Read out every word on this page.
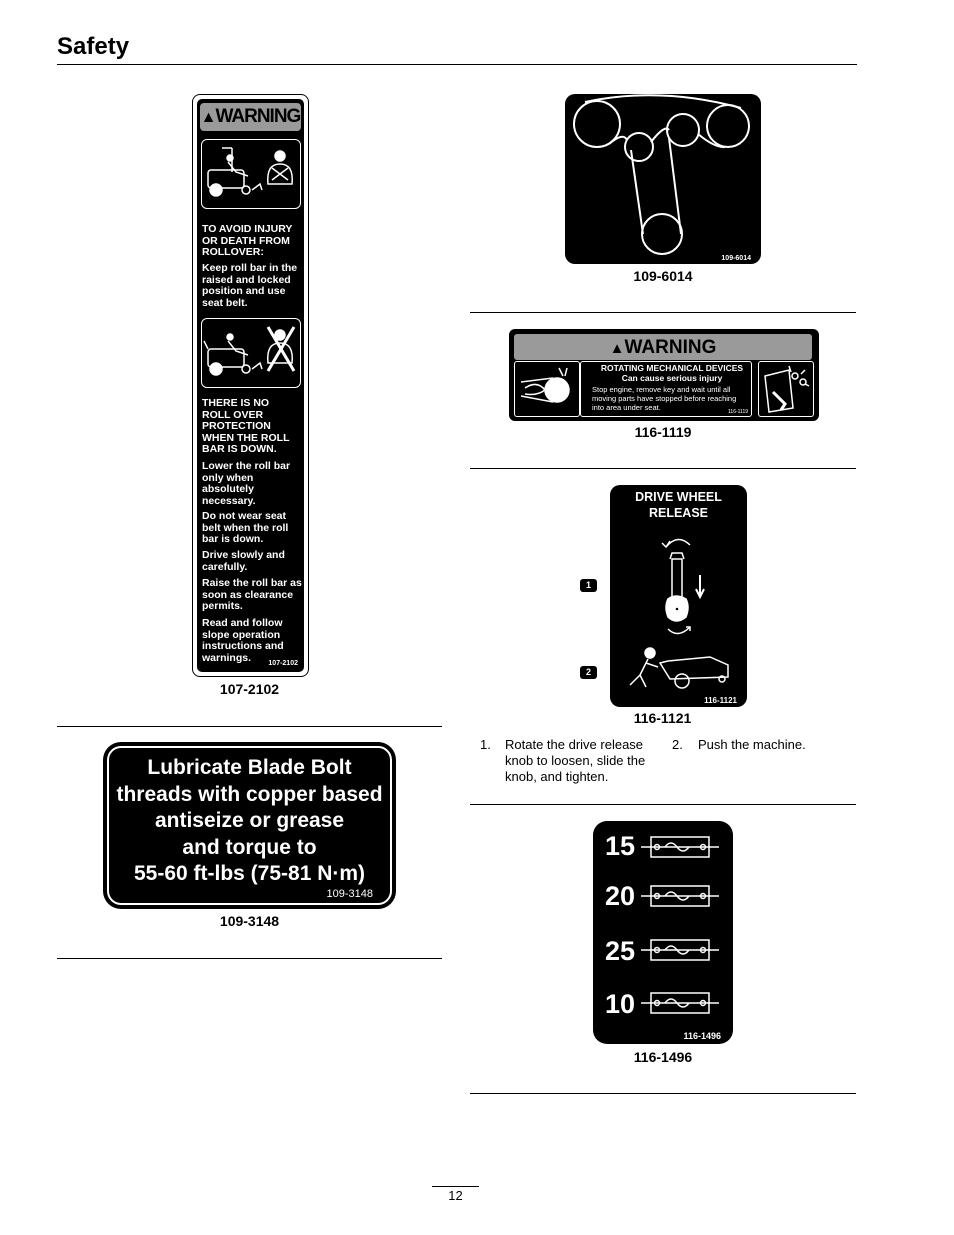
Safety
▲WARNING
TO AVOID INJURY
OR DEATH FROM
ROLLOVER:
Keep roll bar in the
raised and locked
position and use
seat belt.
THERE IS NO
ROLL OVER
PROTECTION
WHEN THE ROLL
BAR IS DOWN.
Lower the roll bar
only when
absolutely
necessary.
Do not wear seat
belt when the roll
bar is down.
Drive slowly and
carefully.
Raise the roll bar as
soon as clearance
permits.
Read and follow
slope operation
instructions and
warnings.	107-2102
107-2102
Lubricate Blade Bolt
threads with copper based
antiseize or grease
and torque to
55-60 ft-lbs (75-81 N·m)
109-3148
109-3148
109-6014
109-6014
▲WARNING
ROTATING MECHANICAL DEVICES
Can cause serious injury
Stop engine, remove key and wait until all
moving parts have stopped before reaching
into area under seat.	116-1119
116-1119
DRIVE WHEEL
RELEASE
116-1121
1
2
116-1121
1. Rotate the drive release knob to loosen, slide the knob, and tighten.
2. Push the machine.
15
20
25
10
116-1496
116-1496
12
